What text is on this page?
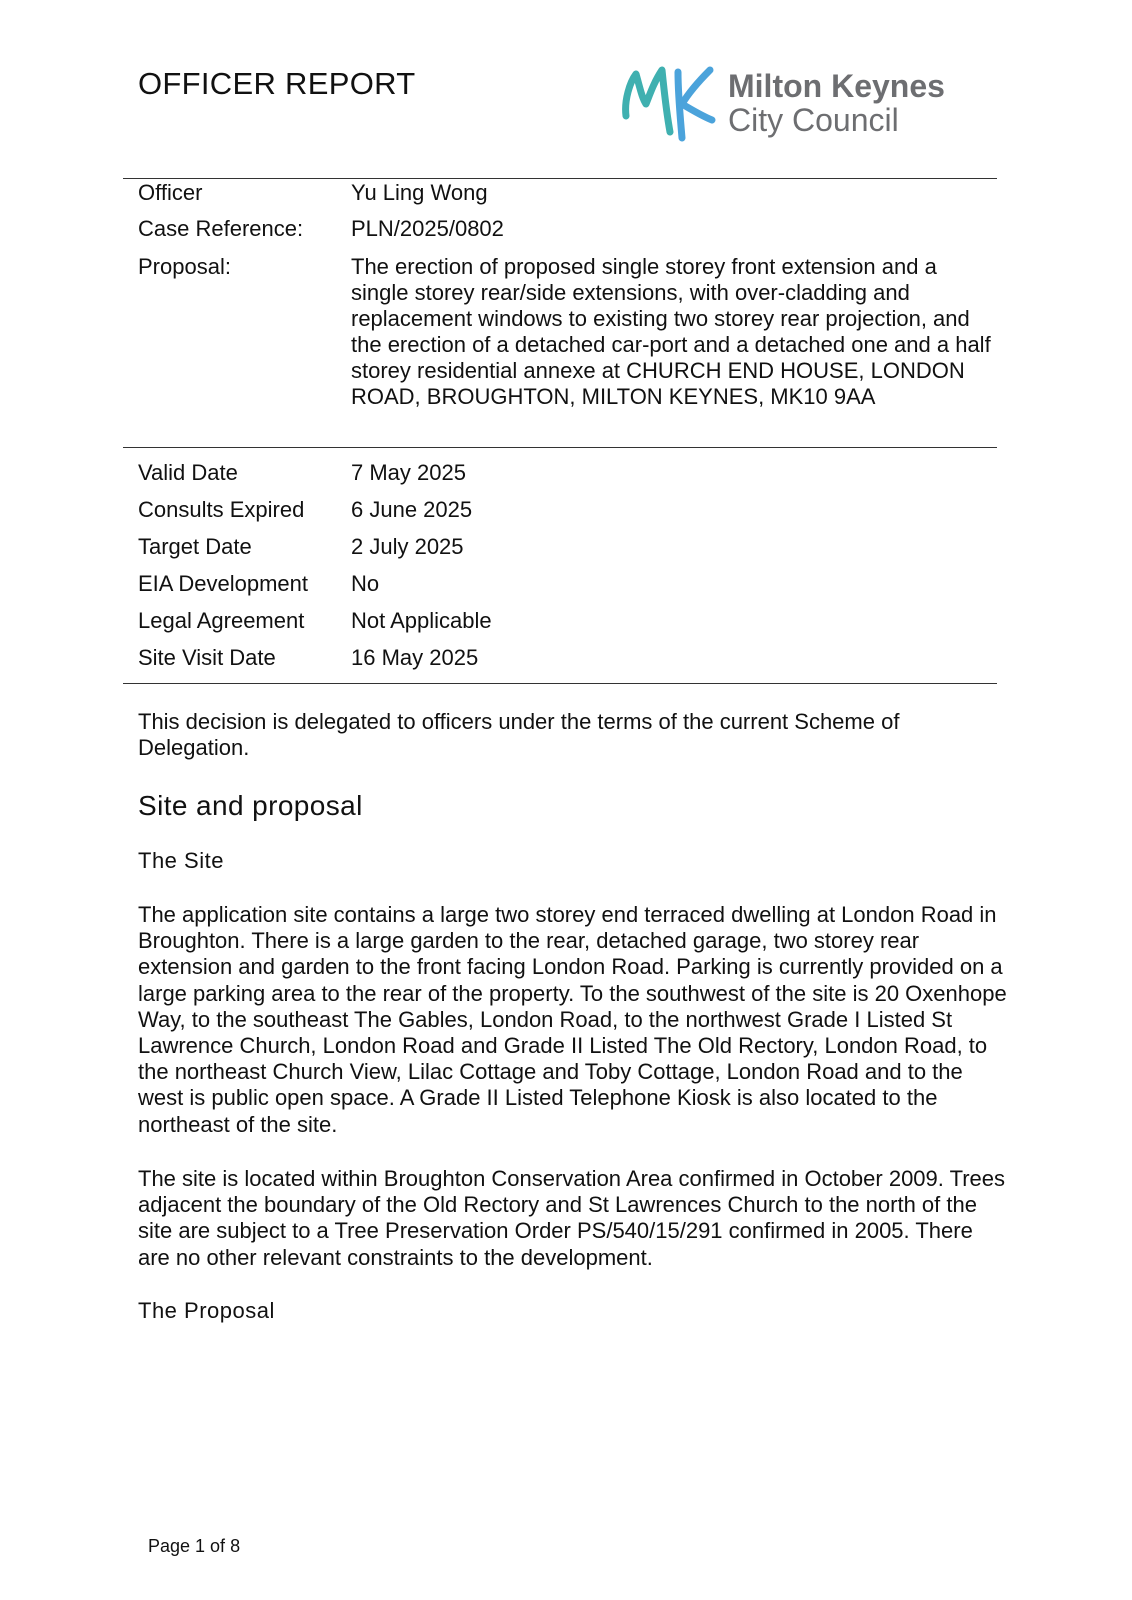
OFFICER REPORT	Milton Keynes
City Council
Officer	Yu Ling Wong
Case Reference: PLN/2025/0802
Proposal:	The erection of proposed single storey front extension and a single storey rear/side extensions, with over-cladding and replacement windows to existing two storey rear projection, and the erection of a detached car-port and a detached one and a half storey residential annexe at CHURCH END HOUSE, LONDON ROAD, BROUGHTON, MILTON KEYNES, MK10 9AA
Valid Date	7 May 2025
Consults Expired 6 June 2025
Target Date	2 July 2025
EIA Development No
Legal Agreement Not Applicable
Site Visit Date	16 May 2025

This decision is delegated to officers under the terms of the current Scheme of Delegation.

Site and proposal
The Site

The application site contains a large two storey end terraced dwelling at London Road in Broughton. There is a large garden to the rear, detached garage, two storey rear extension and garden to the front facing London Road. Parking is currently provided on a large parking area to the rear of the property. To the southwest of the site is 20 Oxenhope Way, to the southeast The Gables, London Road, to the northwest Grade I Listed St Lawrence Church, London Road and Grade II Listed The Old Rectory, London Road, to the northeast Church View, Lilac Cottage and Toby Cottage, London Road and to the west is public open space. A Grade II Listed Telephone Kiosk is also located to the northeast of the site.

The site is located within Broughton Conservation Area confirmed in October 2009. Trees adjacent the boundary of the Old Rectory and St Lawrences Church to the north of the site are subject to a Tree Preservation Order PS/540/15/291 confirmed in 2005. There are no other relevant constraints to the development.

The Proposal
Page 1 of 8
